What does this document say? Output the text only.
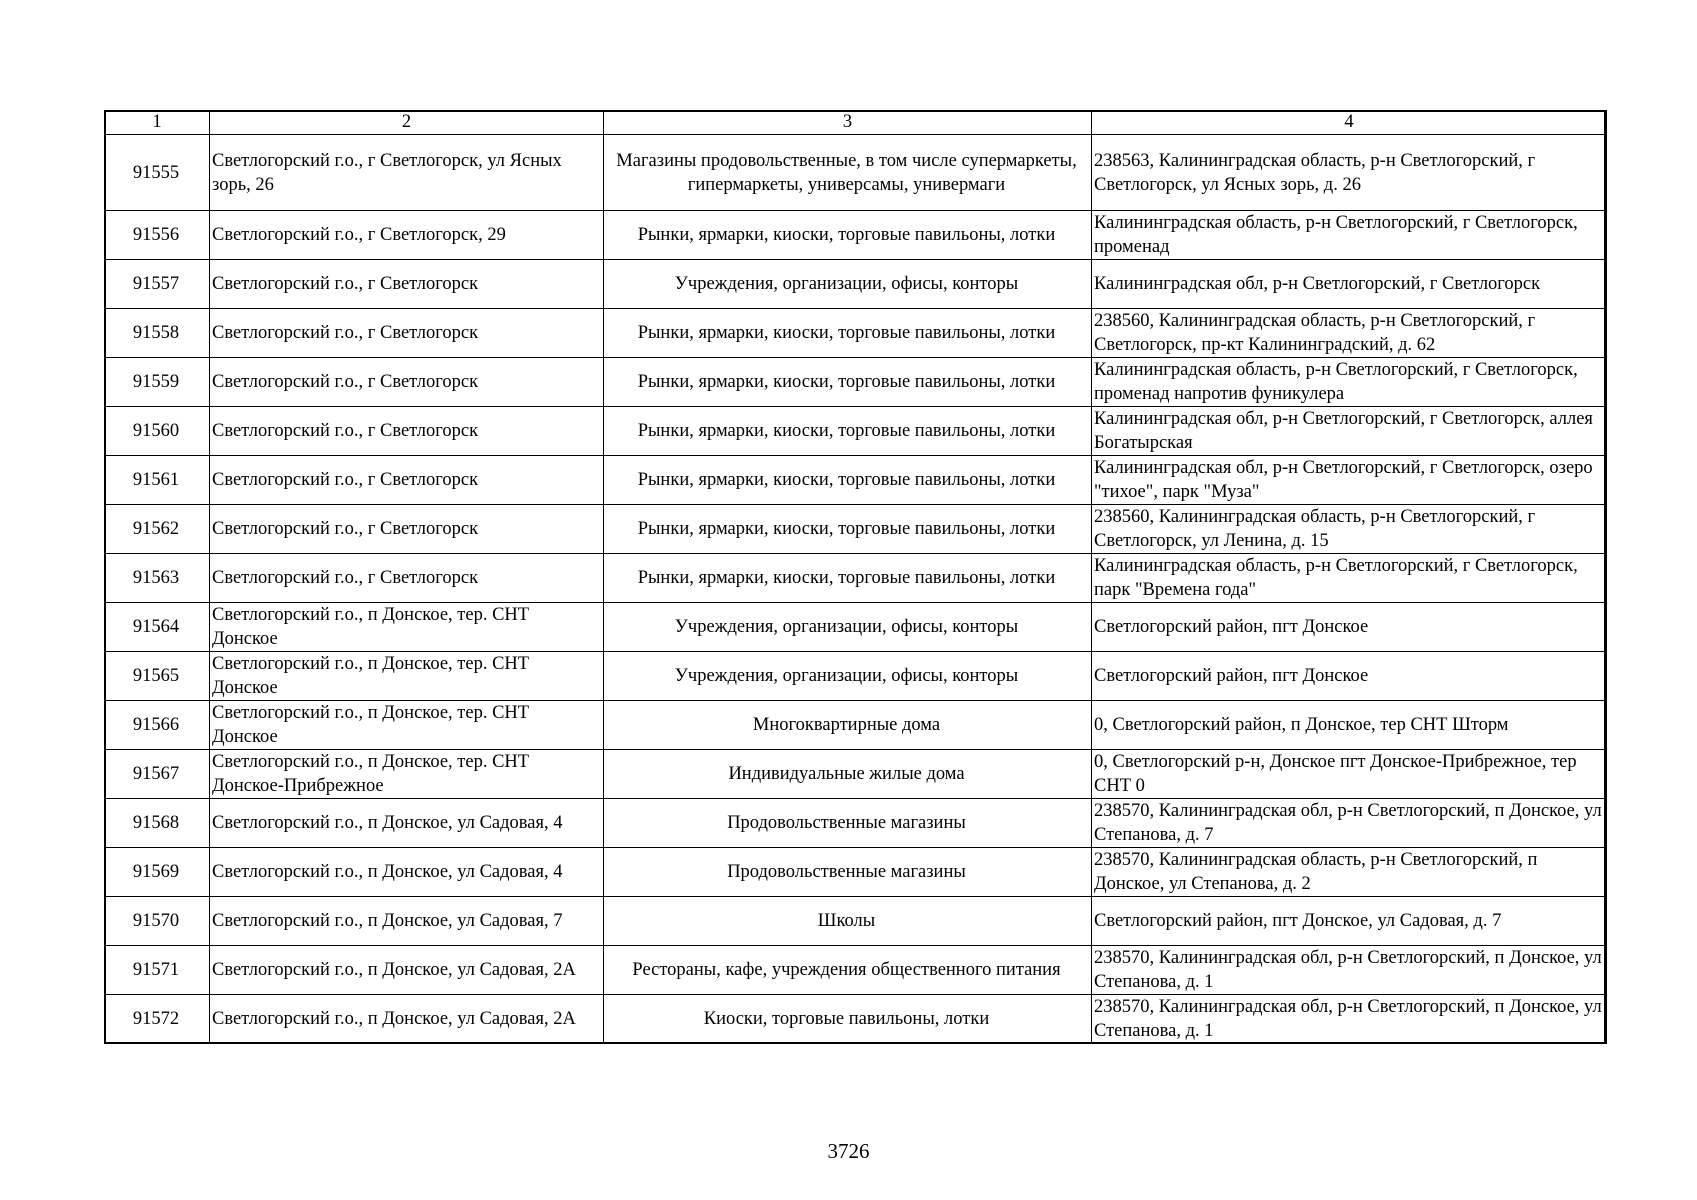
1	2	3	4
91555	Светлогорский г.о., г Светлогорск, ул Ясных зорь, 26	Магазины продовольственные, в том числе супермаркеты, гипермаркеты, универсамы, универмаги	238563, Калининградская область, р-н Светлогорский, г Светлогорск, ул Ясных зорь, д. 26
91556	Светлогорский г.о., г Светлогорск, 29	Рынки, ярмарки, киоски, торговые павильоны, лотки	Калининградская область, р-н Светлогорский, г Светлогорск, променад
91557	Светлогорский г.о., г Светлогорск	Учреждения, организации, офисы, конторы	Калининградская обл, р-н Светлогорский, г Светлогорск
91558	Светлогорский г.о., г Светлогорск	Рынки, ярмарки, киоски, торговые павильоны, лотки	238560, Калининградская область, р-н Светлогорский, г Светлогорск, пр-кт Калининградский, д. 62
91559	Светлогорский г.о., г Светлогорск	Рынки, ярмарки, киоски, торговые павильоны, лотки	Калининградская область, р-н Светлогорский, г Светлогорск, променад напротив фуникулера
91560	Светлогорский г.о., г Светлогорск	Рынки, ярмарки, киоски, торговые павильоны, лотки	Калининградская обл, р-н Светлогорский, г Светлогорск, аллея Богатырская
91561	Светлогорский г.о., г Светлогорск	Рынки, ярмарки, киоски, торговые павильоны, лотки	Калининградская обл, р-н Светлогорский, г Светлогорск, озеро "тихое", парк "Муза"
91562	Светлогорский г.о., г Светлогорск	Рынки, ярмарки, киоски, торговые павильоны, лотки	238560, Калининградская область, р-н Светлогорский, г Светлогорск, ул Ленина, д. 15
91563	Светлогорский г.о., г Светлогорск	Рынки, ярмарки, киоски, торговые павильоны, лотки	Калининградская область, р-н Светлогорский, г Светлогорск, парк "Времена года"
91564	Светлогорский г.о., п Донское, тер. СНТ Донское	Учреждения, организации, офисы, конторы	Светлогорский район, пгт Донское
91565	Светлогорский г.о., п Донское, тер. СНТ Донское	Учреждения, организации, офисы, конторы	Светлогорский район, пгт Донское
91566	Светлогорский г.о., п Донское, тер. СНТ Донское	Многоквартирные дома	0, Светлогорский район, п Донское, тер СНТ Шторм
91567	Светлогорский г.о., п Донское, тер. СНТ Донское-Прибрежное	Индивидуальные жилые дома	0, Светлогорский р-н, Донское пгт Донское-Прибрежное, тер СНТ 0
91568	Светлогорский г.о., п Донское, ул Садовая, 4	Продовольственные магазины	238570, Калининградская обл, р-н Светлогорский, п Донское, ул Степанова, д. 7
91569	Светлогорский г.о., п Донское, ул Садовая, 4	Продовольственные магазины	238570, Калининградская область, р-н Светлогорский, п Донское, ул Степанова, д. 2
91570	Светлогорский г.о., п Донское, ул Садовая, 7	Школы	Светлогорский район, пгт Донское, ул Садовая, д. 7
91571	Светлогорский г.о., п Донское, ул Садовая, 2А	Рестораны, кафе, учреждения общественного питания	238570, Калининградская обл, р-н Светлогорский, п Донское, ул Степанова, д. 1
91572	Светлогорский г.о., п Донское, ул Садовая, 2А	Киоски, торговые павильоны, лотки	238570, Калининградская обл, р-н Светлогорский, п Донское, ул Степанова, д. 1
3726
